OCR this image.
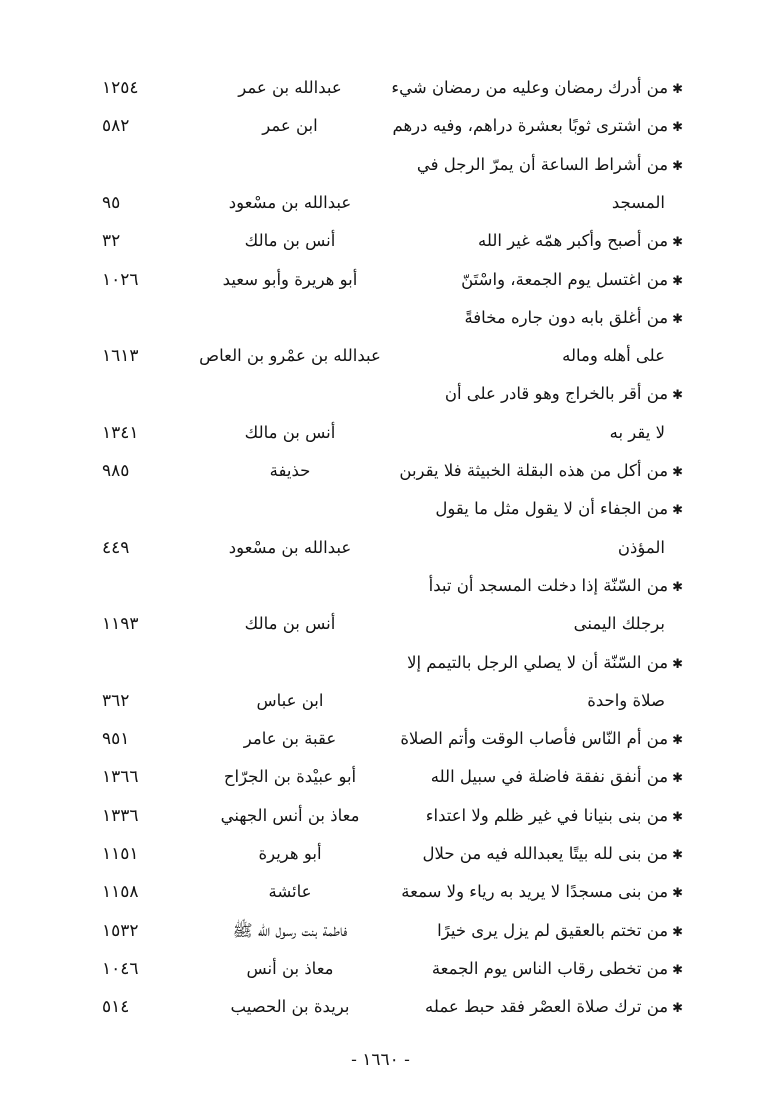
✱من أدرك رمضان وعليه من رمضان شيء
عبدالله بن عمر
١٢٥٤
✱من اشترى ثوبًا بعشرة دراهم، وفيه درهم
ابن عمر
٥٨٢
✱من أشراط الساعة أن يمرّ الرجل في
المسجد
عبدالله بن مسْعود
٩٥
✱من أصبح وأكبر همّه غير الله
أنس بن مالك
٣٢
✱من اغتسل يوم الجمعة، واسْتَنّ
أبو هريرة وأبو سعيد
١٠٢٦
✱من أغلق بابه دون جاره مخافةً
على أهله وماله
عبدالله بن عمْرو بن العاص
١٦١٣
✱من أقر بالخراج وهو قادر على أن
لا يقر به
أنس بن مالك
١٣٤١
✱من أكل من هذه البقلة الخبيثة فلا يقربن
حذيفة
٩٨٥
✱من الجفاء أن لا يقول مثل ما يقول
المؤذن
عبدالله بن مسْعود
٤٤٩
✱من السّنّة إذا دخلت المسجد أن تبدأ
برجلك اليمنى
أنس بن مالك
١١٩٣
✱من السّنّة أن لا يصلي الرجل بالتيمم إلا
صلاة واحدة
ابن عباس
٣٦٢
✱من أم النّاس فأصاب الوقت وأتم الصلاة
عقبة بن عامر
٩٥١
✱من أنفق نفقة فاضلة في سبيل الله
أبو عبيْدة بن الجرّاح
١٣٦٦
✱من بنى بنيانا في غير ظلم ولا اعتداء
معاذ بن أنس الجهني
١٣٣٦
✱من بنى لله بيتًا يعبدالله فيه من حلال
أبو هريرة
١١٥١
✱من بنى مسجدًا لا يريد به رياء ولا سمعة
عائشة
١١٥٨
✱من تختم بالعقيق لم يزل يرى خيرًا
فاطمة بنت رسول الله ﷺ
١٥٣٢
✱من تخطى رقاب الناس يوم الجمعة
معاذ بن أنس
١٠٤٦
✱من ترك صلاة العصْر فقد حبط عمله
بريدة بن الحصيب
٥١٤
- ١٦٦٠ -
